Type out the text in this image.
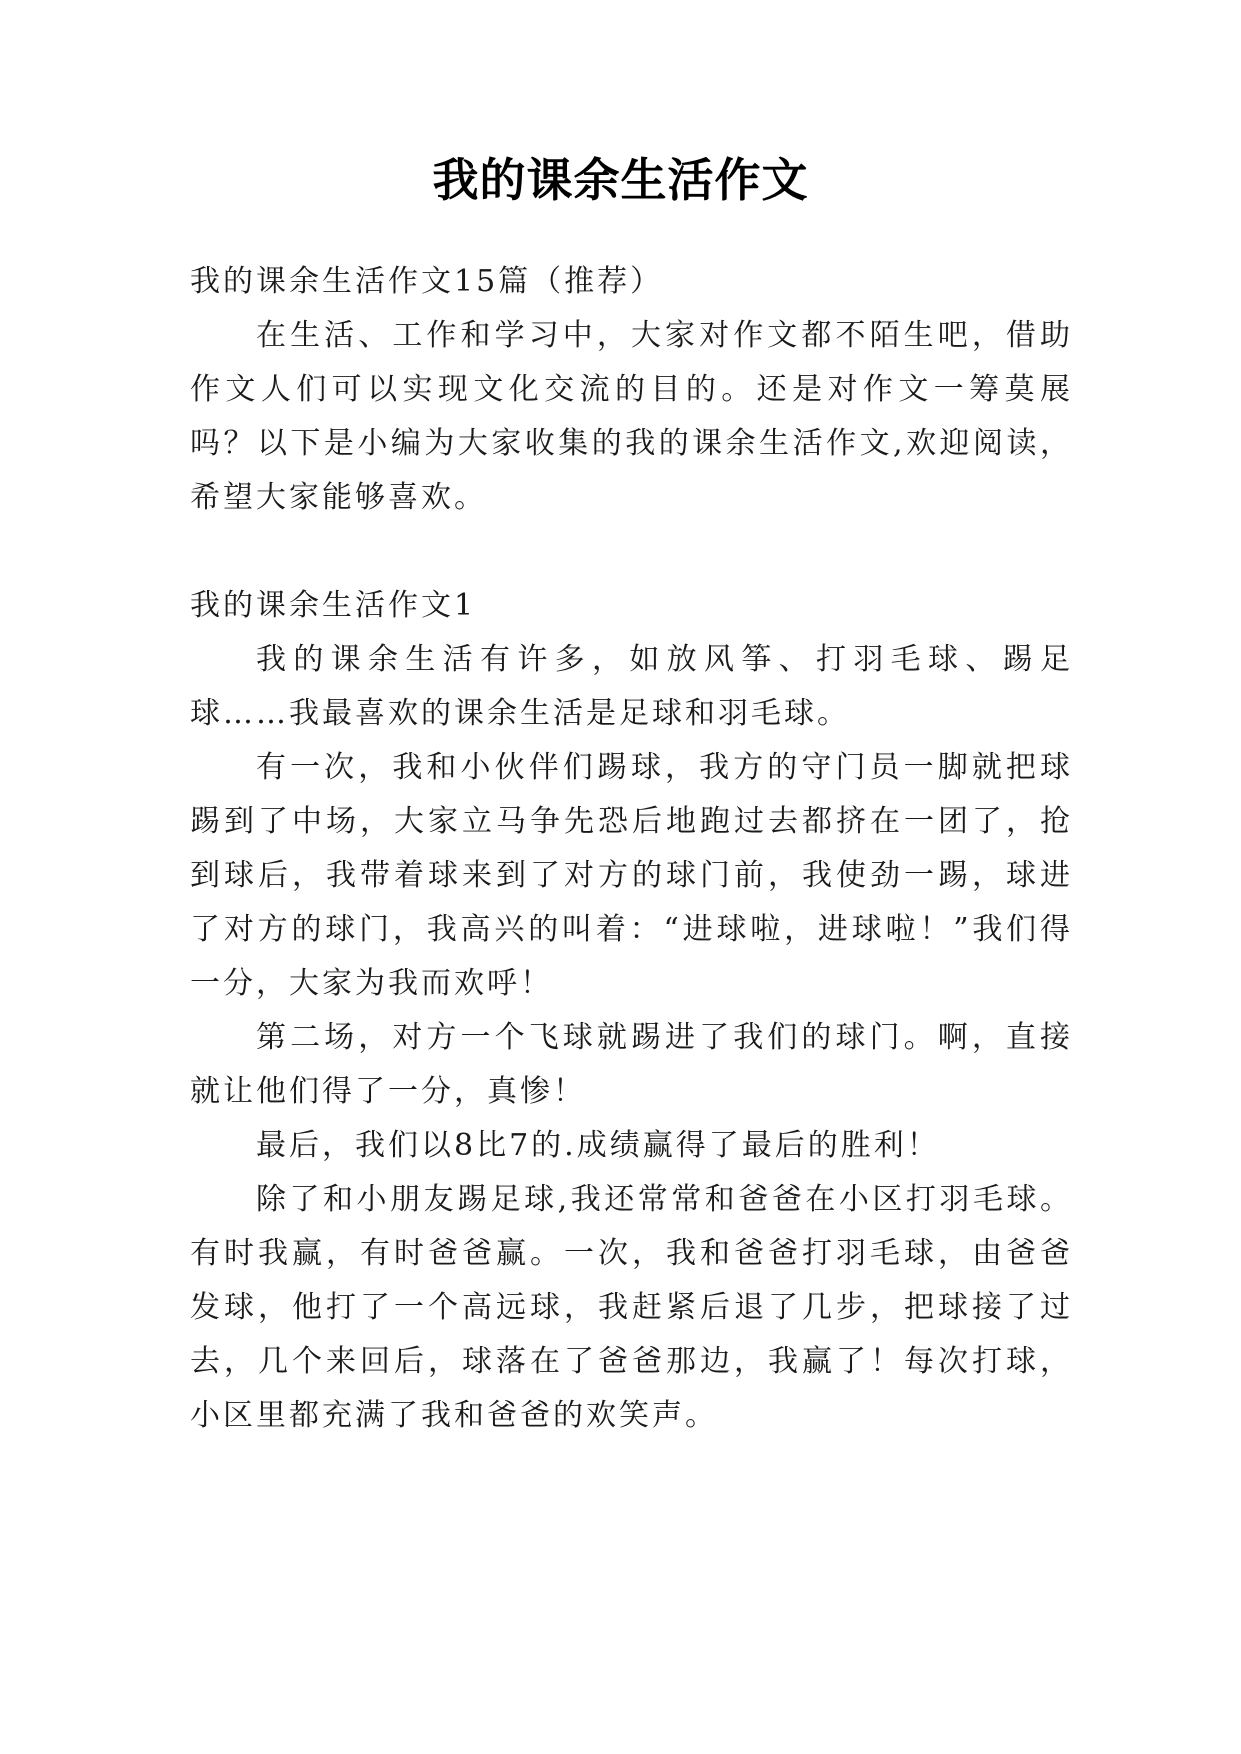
我的课余生活作文

我的课余生活作文15篇（推荐）

在生活、工作和学习中，大家对作文都不陌生吧，借助

作文人们可以实现文化交流的目的。还是对作文一筹莫展

吗？以下是小编为大家收集的我的课余生活作文,欢迎阅读，

希望大家能够喜欢。

我的课余生活作文1

我的课余生活有许多，如放风筝、打羽毛球、踢足

球……我最喜欢的课余生活是足球和羽毛球。

有一次，我和小伙伴们踢球，我方的守门员一脚就把球

踢到了中场，大家立马争先恐后地跑过去都挤在一团了，抢

到球后，我带着球来到了对方的球门前，我使劲一踢，球进

了对方的球门，我高兴的叫着：“进球啦，进球啦！”我们得

一分，大家为我而欢呼！

第二场，对方一个飞球就踢进了我们的球门。啊，直接

就让他们得了一分，真惨！

最后，我们以8比7的.成绩赢得了最后的胜利！

除了和小朋友踢足球,我还常常和爸爸在小区打羽毛球。

有时我赢，有时爸爸赢。一次，我和爸爸打羽毛球，由爸爸

发球，他打了一个高远球，我赶紧后退了几步，把球接了过

去，几个来回后，球落在了爸爸那边，我赢了！每次打球，

小区里都充满了我和爸爸的欢笑声。
